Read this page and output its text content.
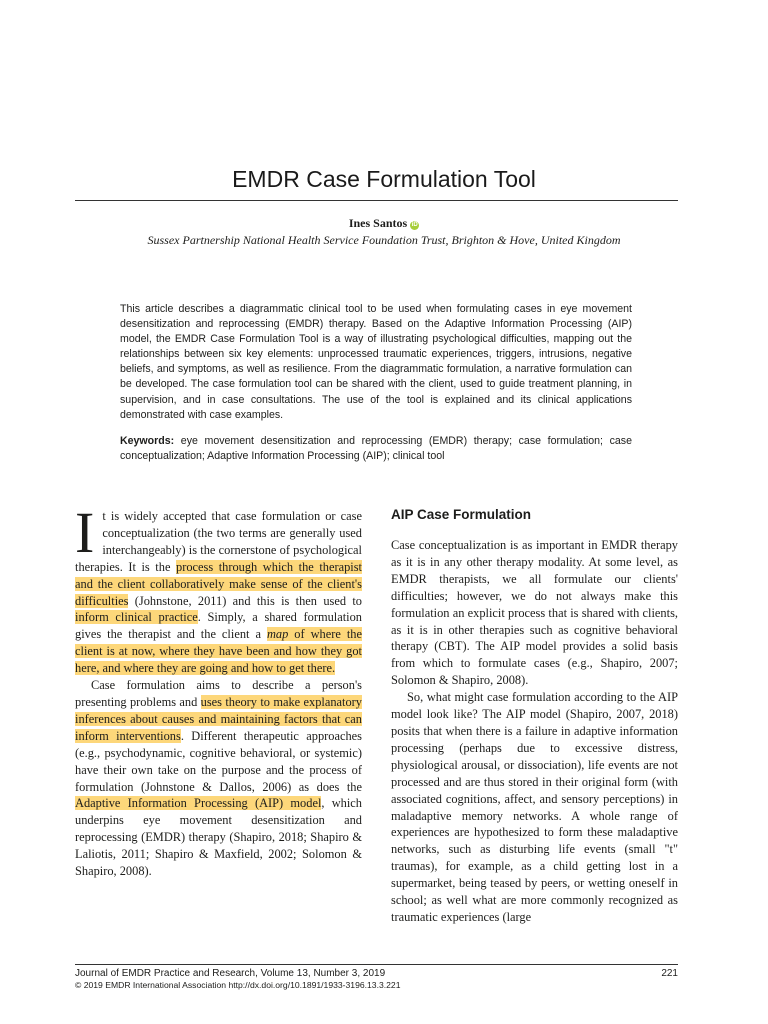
EMDR Case Formulation Tool
Ines Santos iD
Sussex Partnership National Health Service Foundation Trust, Brighton & Hove, United Kingdom

This article describes a diagrammatic clinical tool to be used when formulating cases in eye movement desensitization and reprocessing (EMDR) therapy. Based on the Adaptive Information Processing (AIP) model, the EMDR Case Formulation Tool is a way of illustrating psychological difficulties, mapping out the relationships between six key elements: unprocessed traumatic experiences, triggers, intrusions, negative beliefs, and symptoms, as well as resilience. From the diagrammatic formulation, a narrative formulation can be developed. The case formulation tool can be shared with the client, used to guide treatment planning, in supervision, and in case consultations. The use of the tool is explained and its clinical applications demonstrated with case examples.

Keywords: eye movement desensitization and reprocessing (EMDR) therapy; case formulation; case conceptualization; Adaptive Information Processing (AIP); clinical tool

It is widely accepted that case formulation or case conceptualization (the two terms are generally used interchangeably) is the cornerstone of psychological therapies. It is the process through which the therapist and the client collaboratively make sense of the client's difficulties (Johnstone, 2011) and this is then used to inform clinical practice. Simply, a shared formulation gives the therapist and the client a map of where the client is at now, where they have been and how they got here, and where they are going and how to get there.

Case formulation aims to describe a person's presenting problems and uses theory to make explanatory inferences about causes and maintaining factors that can inform interventions. Different therapeutic approaches (e.g., psychodynamic, cognitive behavioral, or systemic) have their own take on the purpose and the process of formulation (Johnstone & Dallos, 2006) as does the Adaptive Information Processing (AIP) model, which underpins eye movement desensitization and reprocessing (EMDR) therapy (Shapiro, 2018; Shapiro & Laliotis, 2011; Shapiro & Maxfield, 2002; Solomon & Shapiro, 2008).

AIP Case Formulation

Case conceptualization is as important in EMDR therapy as it is in any other therapy modality. At some level, as EMDR therapists, we all formulate our clients' difficulties; however, we do not always make this formulation an explicit process that is shared with clients, as it is in other therapies such as cognitive behavioral therapy (CBT). The AIP model provides a solid basis from which to formulate cases (e.g., Shapiro, 2007; Solomon & Shapiro, 2008).

So, what might case formulation according to the AIP model look like? The AIP model (Shapiro, 2007, 2018) posits that when there is a failure in adaptive information processing (perhaps due to excessive distress, physiological arousal, or dissociation), life events are not processed and are thus stored in their original form (with associated cognitions, affect, and sensory perceptions) in maladaptive memory networks. A whole range of experiences are hypothesized to form these maladaptive networks, such as disturbing life events (small "t" traumas), for example, as a child getting lost in a supermarket, being teased by peers, or wetting oneself in school; as well what are more commonly recognized as traumatic experiences (large

Journal of EMDR Practice and Research, Volume 13, Number 3, 2019	221
© 2019 EMDR International Association http://dx.doi.org/10.1891/1933-3196.13.3.221
